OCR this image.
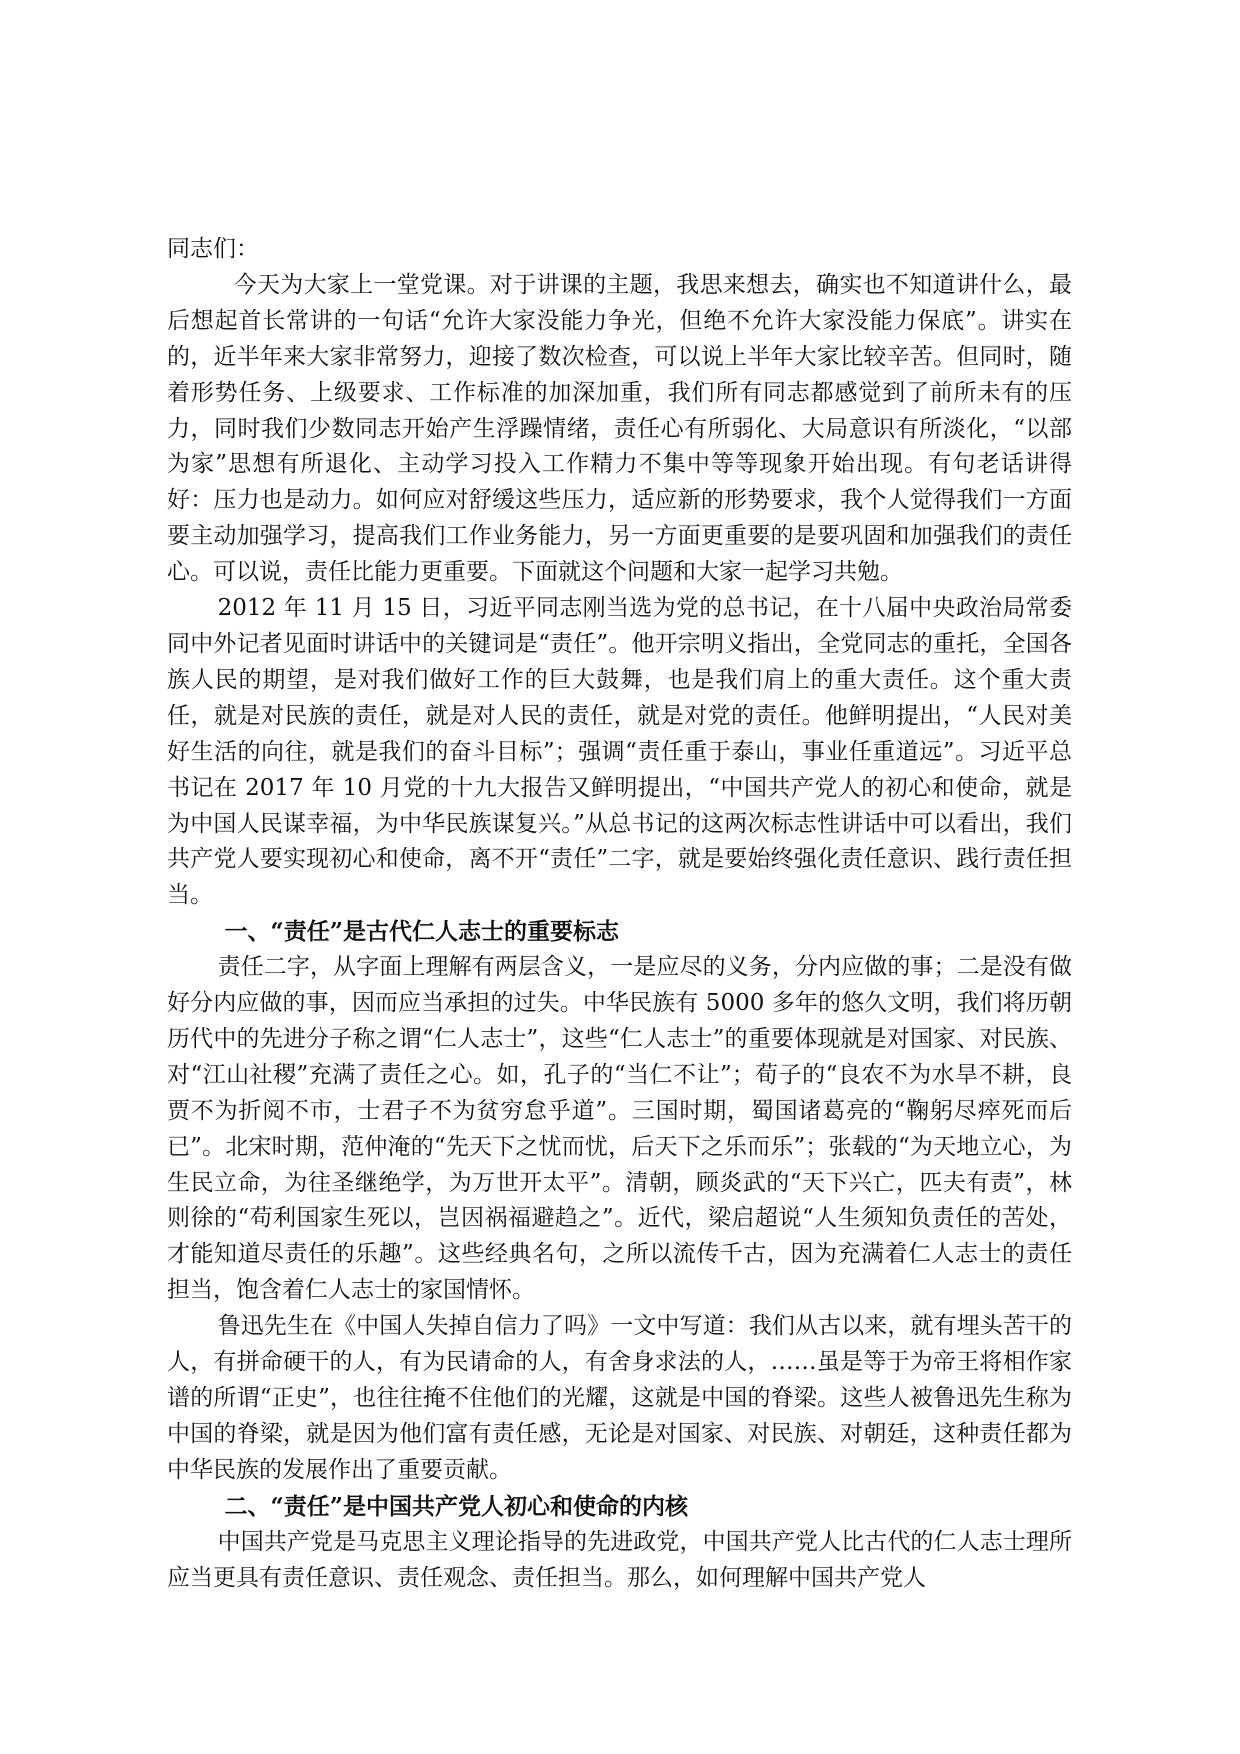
同志们：

今天为大家上一堂党课。对于讲课的主题，我思来想去，确实也不知道讲什么，最后想起首长常讲的一句话“允许大家没能力争光，但绝不允许大家没能力保底”。讲实在的，近半年来大家非常努力，迎接了数次检查，可以说上半年大家比较辛苦。但同时，随着形势任务、上级要求、工作标准的加深加重，我们所有同志都感觉到了前所未有的压力，同时我们少数同志开始产生浮躁情绪，责任心有所弱化、大局意识有所淡化，“以部为家”思想有所退化、主动学习投入工作精力不集中等等现象开始出现。有句老话讲得好：压力也是动力。如何应对舒缓这些压力，适应新的形势要求，我个人觉得我们一方面要主动加强学习，提高我们工作业务能力，另一方面更重要的是要巩固和加强我们的责任心。可以说，责任比能力更重要。下面就这个问题和大家一起学习共勉。

2012 年 11 月 15 日，习近平同志刚当选为党的总书记，在十八届中央政治局常委同中外记者见面时讲话中的关键词是“责任”。他开宗明义指出，全党同志的重托，全国各族人民的期望，是对我们做好工作的巨大鼓舞，也是我们肩上的重大责任。这个重大责任，就是对民族的责任，就是对人民的责任，就是对党的责任。他鲜明提出，“人民对美好生活的向往，就是我们的奋斗目标”；强调“责任重于泰山，事业任重道远”。习近平总书记在 2017 年 10 月党的十九大报告又鲜明提出，“中国共产党人的初心和使命，就是为中国人民谋幸福，为中华民族谋复兴。”从总书记的这两次标志性讲话中可以看出，我们共产党人要实现初心和使命，离不开“责任”二字，就是要始终强化责任意识、践行责任担当。

一、“责任”是古代仁人志士的重要标志

责任二字，从字面上理解有两层含义，一是应尽的义务，分内应做的事；二是没有做好分内应做的事，因而应当承担的过失。中华民族有 5000 多年的悠久文明，我们将历朝历代中的先进分子称之谓“仁人志士”，这些“仁人志士”的重要体现就是对国家、对民族、对“江山社稷”充满了责任之心。如，孔子的“当仁不让”；荀子的“良农不为水旱不耕，良贾不为折阅不市，士君子不为贫穷怠乎道”。三国时期，蜀国诸葛亮的“鞠躬尽瘁死而后已”。北宋时期，范仲淹的“先天下之忧而忧，后天下之乐而乐”；张载的“为天地立心，为生民立命，为往圣继绝学，为万世开太平”。清朝，顾炎武的“天下兴亡，匹夫有责”，林则徐的“苟利国家生死以，岂因祸福避趋之”。近代，梁启超说“人生须知负责任的苦处，才能知道尽责任的乐趣”。这些经典名句，之所以流传千古，因为充满着仁人志士的责任担当，饱含着仁人志士的家国情怀。

鲁迅先生在《中国人失掉自信力了吗》一文中写道：我们从古以来，就有埋头苦干的人，有拼命硬干的人，有为民请命的人，有舍身求法的人，……虽是等于为帝王将相作家谱的所谓“正史”，也往往掩不住他们的光耀，这就是中国的脊梁。这些人被鲁迅先生称为中国的脊梁，就是因为他们富有责任感，无论是对国家、对民族、对朝廷，这种责任都为中华民族的发展作出了重要贡献。

二、“责任”是中国共产党人初心和使命的内核

中国共产党是马克思主义理论指导的先进政党，中国共产党人比古代的仁人志士理所应当更具有责任意识、责任观念、责任担当。那么，如何理解中国共产党人
